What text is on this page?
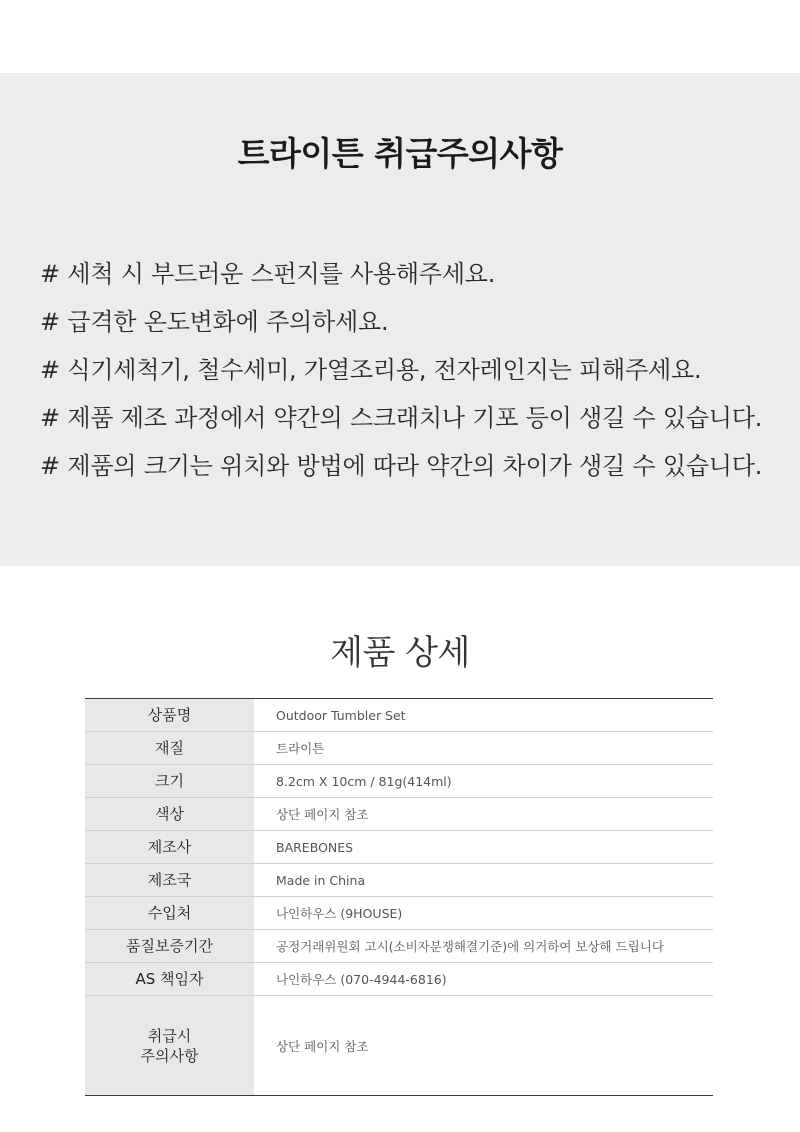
트라이튼 취급주의사항
# 세척 시 부드러운 스펀지를 사용해주세요.
# 급격한 온도변화에 주의하세요.
# 식기세척기, 철수세미, 가열조리용, 전자레인지는 피해주세요.
# 제품 제조 과정에서 약간의 스크래치나 기포 등이 생길 수 있습니다.
# 제품의 크기는 위치와 방법에 따라 약간의 차이가 생길 수 있습니다.
제품 상세
상품명	Outdoor Tumbler Set
재질	트라이튼
크기	8.2cm X 10cm / 81g(414ml)
색상	상단 페이지 참조
제조사	BAREBONES
제조국	Made in China
수입처	나인하우스 (9HOUSE)
품질보증기간	공정거래위원회 고시(소비자분쟁해결기준)에 의거하여 보상해 드립니다
AS 책임자	나인하우스 (070-4944-6816)

취급시
주의사항	상단 페이지 참조
